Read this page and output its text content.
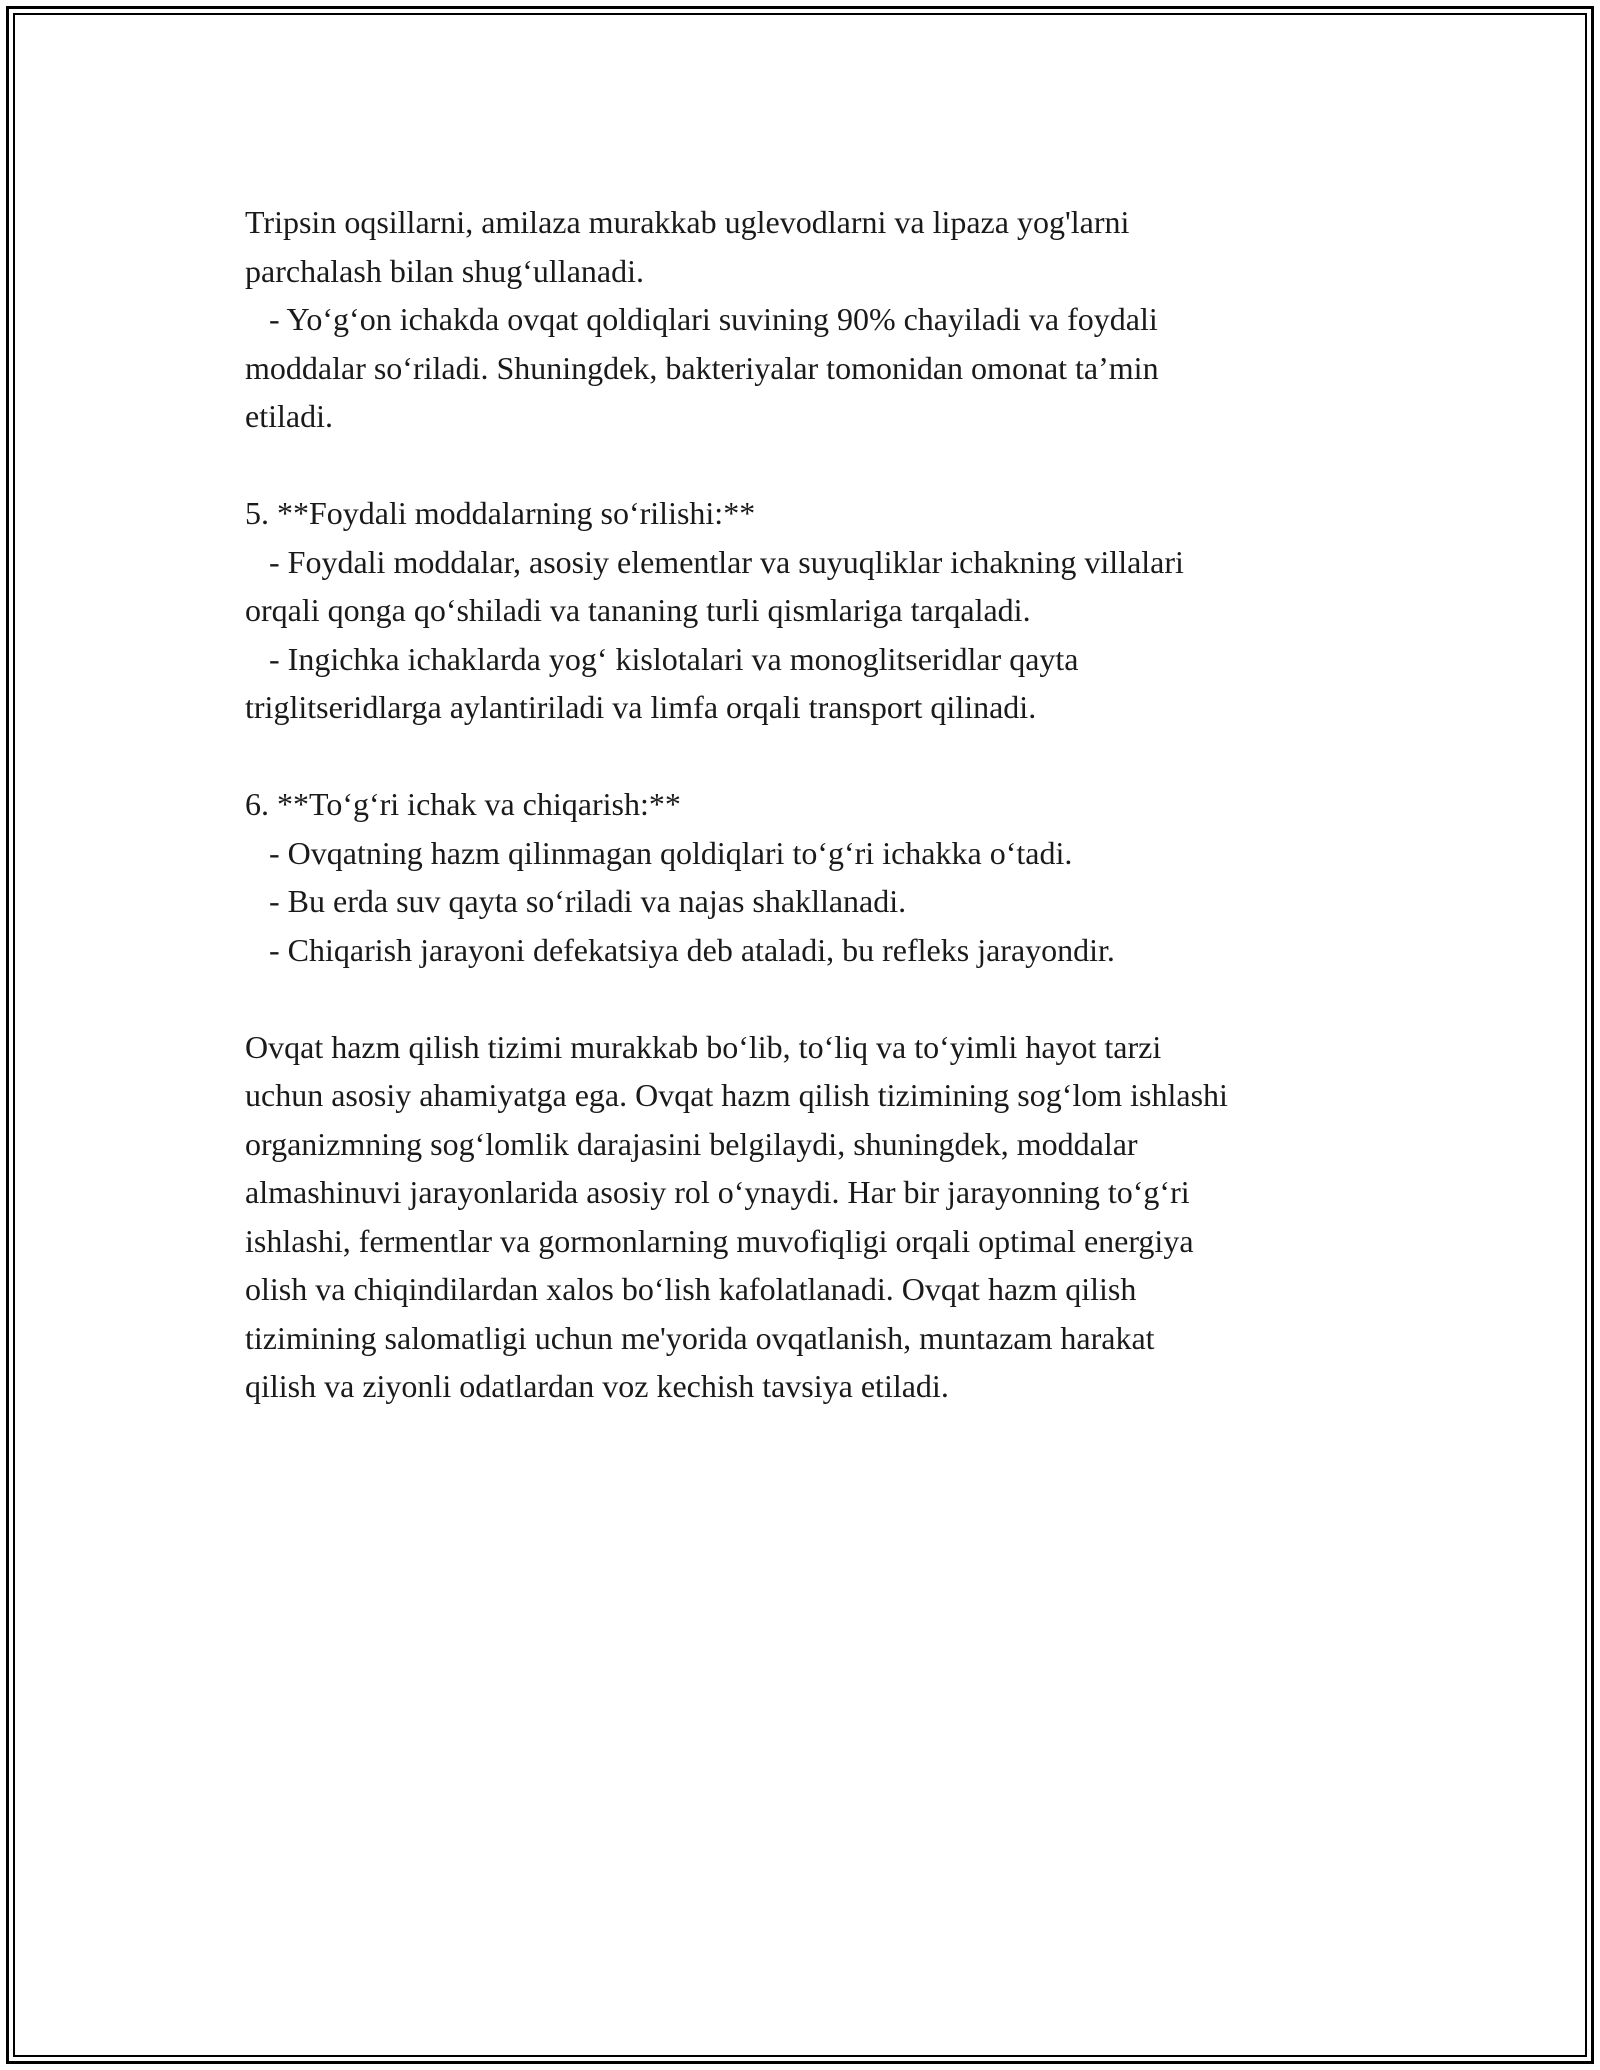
Tripsin oqsillarni, amilaza murakkab uglevodlarni va lipaza yog'larni
parchalash bilan shug‘ullanadi.
- Yo‘g‘on ichakda ovqat qoldiqlari suvining 90% chayiladi va foydali
moddalar so‘riladi. Shuningdek, bakteriyalar tomonidan omonat ta’min
etiladi.
5. **Foydali moddalarning so‘rilishi:**
- Foydali moddalar, asosiy elementlar va suyuqliklar ichakning villalari
orqali qonga qo‘shiladi va tananing turli qismlariga tarqaladi.
- Ingichka ichaklarda yog‘ kislotalari va monoglitseridlar qayta
triglitseridlarga aylantiriladi va limfa orqali transport qilinadi.
6. **To‘g‘ri ichak va chiqarish:**
- Ovqatning hazm qilinmagan qoldiqlari to‘g‘ri ichakka o‘tadi.
- Bu erda suv qayta so‘riladi va najas shakllanadi.
- Chiqarish jarayoni defekatsiya deb ataladi, bu refleks jarayondir.
Ovqat hazm qilish tizimi murakkab bo‘lib, to‘liq va to‘yimli hayot tarzi
uchun asosiy ahamiyatga ega. Ovqat hazm qilish tizimining sog‘lom ishlashi
organizmning sog‘lomlik darajasini belgilaydi, shuningdek, moddalar
almashinuvi jarayonlarida asosiy rol o‘ynaydi. Har bir jarayonning to‘g‘ri
ishlashi, fermentlar va gormonlarning muvofiqligi orqali optimal energiya
olish va chiqindilardan xalos bo‘lish kafolatlanadi. Ovqat hazm qilish
tizimining salomatligi uchun me'yorida ovqatlanish, muntazam harakat
qilish va ziyonli odatlardan voz kechish tavsiya etiladi.
